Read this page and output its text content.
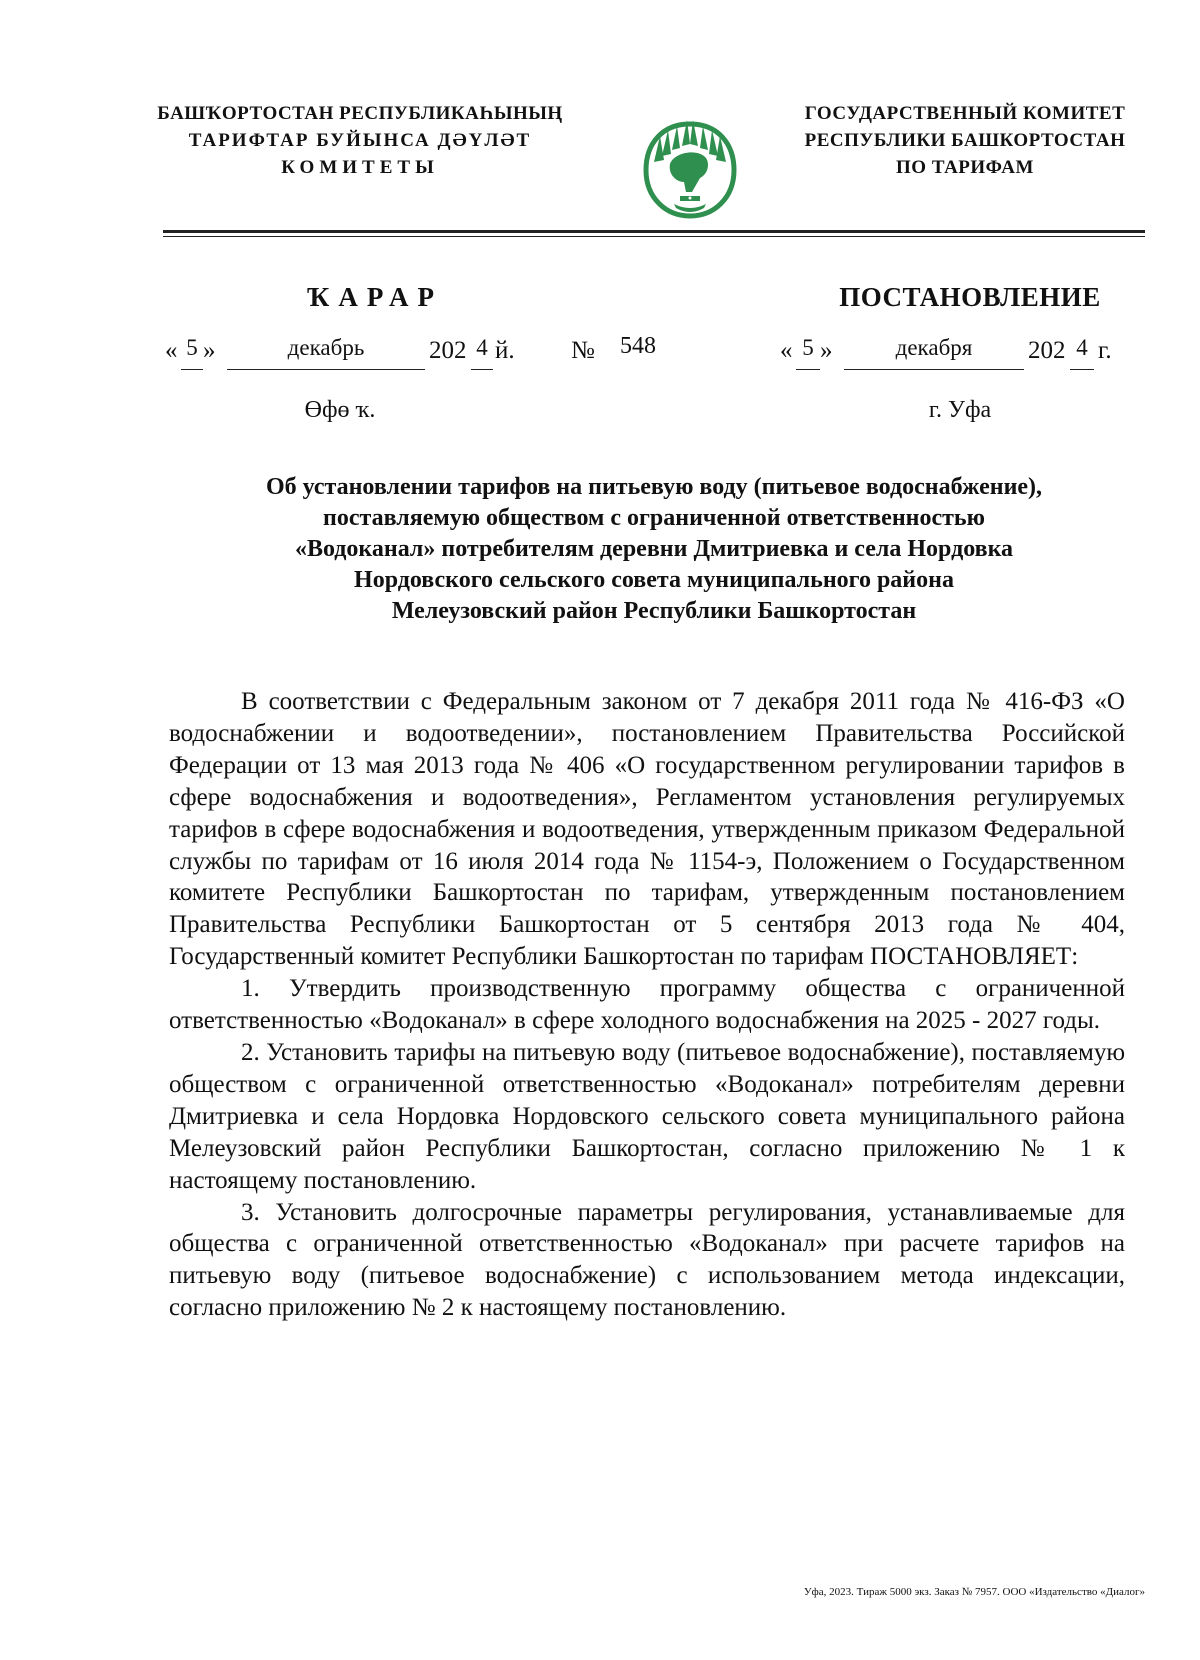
БАШҠОРТОСТАН РЕСПУБЛИКАҺЫНЫҢ
ТАРИФТАР БУЙЫНСА ДӘҮЛӘТ
КОМИТЕТЫ
ГОСУДАРСТВЕННЫЙ КОМИТЕТ
РЕСПУБЛИКИ БАШКОРТОСТАН
ПО ТАРИФАМ
ҠАРАР	ПОСТАНОВЛЕНИЕ
« 5 »	декабрь	202 4 й. № 548	« 5 »	декабря	202 4 г.
Өфө ҡ.	г. Уфа
Об установлении тарифов на питьевую воду (питьевое водоснабжение),
поставляемую обществом с ограниченной ответственностью
«Водоканал» потребителям деревни Дмитриевка и села Нордовка
Нордовского сельского совета муниципального района
Мелеузовский район Республики Башкортостан

В соответствии с Федеральным законом от 7 декабря 2011 года № 416-ФЗ «О водоснабжении и водоотведении», постановлением Правительства Российской Федерации от 13 мая 2013 года № 406 «О государственном регулировании тарифов в сфере водоснабжения и водоотведения», Регламентом установления регулируемых тарифов в сфере водоснабжения и водоотведения, утвержденным приказом Федеральной службы по тарифам от 16 июля 2014 года № 1154-э, Положением о Государственном комитете Республики Башкортостан по тарифам, утвержденным постановлением Правительства Республики Башкортостан от 5 сентября 2013 года № 404, Государственный комитет Республики Башкортостан по тарифам ПОСТАНОВЛЯЕТ:

1. Утвердить производственную программу общества с ограниченной ответственностью «Водоканал» в сфере холодного водоснабжения на 2025 - 2027 годы.

2. Установить тарифы на питьевую воду (питьевое водоснабжение), поставляемую обществом с ограниченной ответственностью «Водоканал» потребителям деревни Дмитриевка и села Нордовка Нордовского сельского совета муниципального района Мелеузовский район Республики Башкортостан, согласно приложению № 1 к настоящему постановлению.

3. Установить долгосрочные параметры регулирования, устанавливаемые для общества с ограниченной ответственностью «Водоканал» при расчете тарифов на питьевую воду (питьевое водоснабжение) с использованием метода индексации, согласно приложению № 2 к настоящему постановлению.

Уфа, 2023. Тираж 5000 экз. Заказ № 7957. ООО «Издательство «Диалог»
